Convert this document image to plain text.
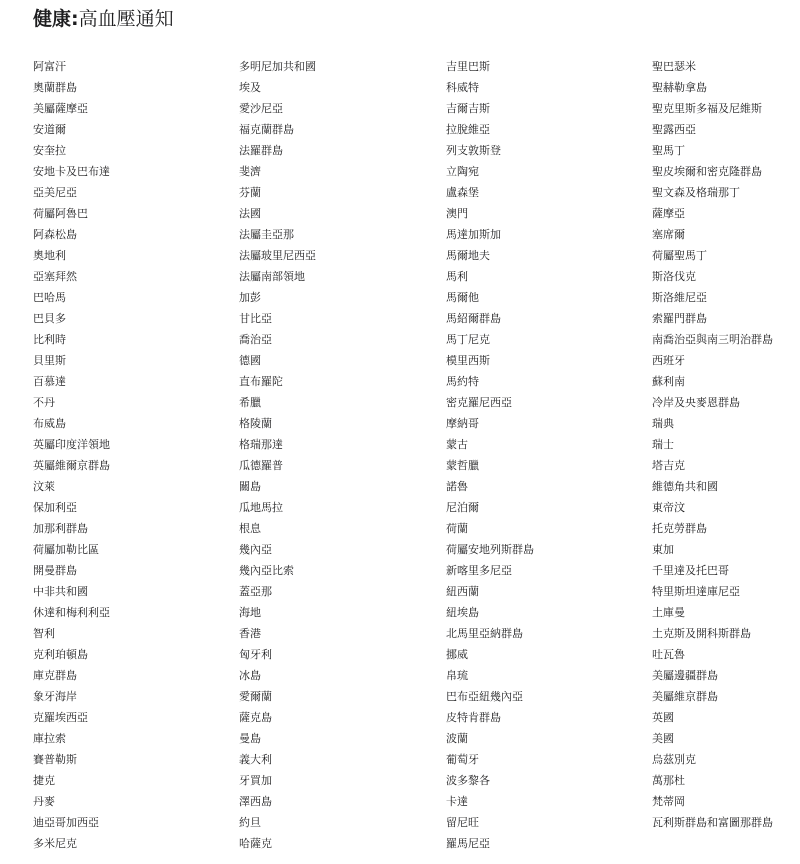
健康:高血壓通知
阿富汗
奧蘭群島
美屬薩摩亞
安道爾
安奎拉
安地卡及巴布達
亞美尼亞
荷屬阿魯巴
阿森松島
奧地利
亞塞拜然
巴哈馬
巴貝多
比利時
貝里斯
百慕達
不丹
布威島
英屬印度洋領地
英屬維爾京群島
汶萊
保加利亞
加那利群島
荷屬加勒比區
開曼群島
中非共和國
休達和梅利利亞
智利
克利珀頓島
庫克群島
象牙海岸
克羅埃西亞
庫拉索
賽普勒斯
捷克
丹麥
迪亞哥加西亞
多米尼克
多明尼加共和國
埃及
愛沙尼亞
福克蘭群島
法羅群島
斐濟
芬蘭
法國
法屬圭亞那
法屬玻里尼西亞
法屬南部領地
加彭
甘比亞
喬治亞
德國
直布羅陀
希臘
格陵蘭
格瑞那達
瓜德羅普
關島
瓜地馬拉
根息
幾內亞
幾內亞比索
蓋亞那
海地
香港
匈牙利
冰島
愛爾蘭
薩克島
曼島
義大利
牙買加
澤西島
約旦
哈薩克
吉里巴斯
科威特
吉爾吉斯
拉脫維亞
列支敦斯登
立陶宛
盧森堡
澳門
馬達加斯加
馬爾地夫
馬利
馬爾他
馬紹爾群島
馬丁尼克
模里西斯
馬約特
密克羅尼西亞
摩納哥
蒙古
蒙哲臘
諾魯
尼泊爾
荷蘭
荷屬安地列斯群島
新喀里多尼亞
紐西蘭
紐埃島
北馬里亞納群島
挪威
帛琉
巴布亞紐幾內亞
皮特肯群島
波蘭
葡萄牙
波多黎各
卡達
留尼旺
羅馬尼亞
聖巴瑟米
聖赫勒拿島
聖克里斯多福及尼維斯
聖露西亞
聖馬丁
聖皮埃爾和密克隆群島
聖文森及格瑞那丁
薩摩亞
塞席爾
荷屬聖馬丁
斯洛伐克
斯洛維尼亞
索羅門群島
南喬治亞與南三明治群島
西班牙
蘇利南
冷岸及央麥恩群島
瑞典
瑞士
塔吉克
維德角共和國
東帝汶
托克勞群島
東加
千里達及托巴哥
特里斯坦達庫尼亞
土庫曼
土克斯及開科斯群島
吐瓦魯
美屬邊疆群島
美屬維京群島
英國
美國
烏茲別克
萬那杜
梵蒂岡
瓦利斯群島和富圖那群島
